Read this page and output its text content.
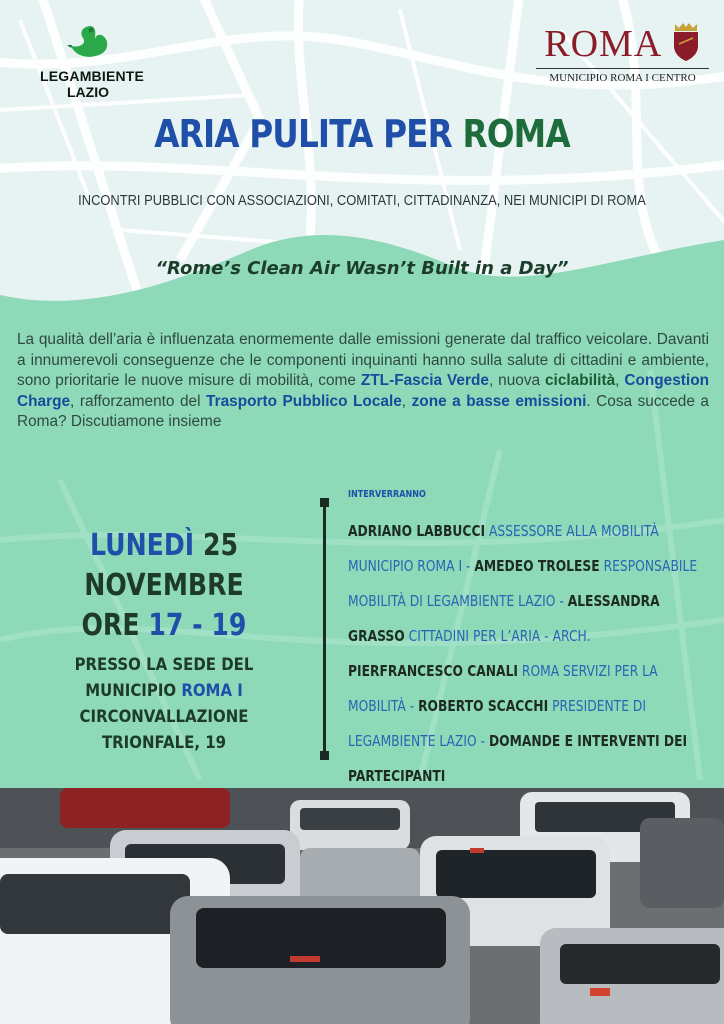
LEGAMBIENTE
LAZIO
ROMA
MUNICIPIO ROMA I CENTRO
ARIA PULITA PER ROMA
INCONTRI PUBBLICI CON ASSOCIAZIONI, COMITATI, CITTADINANZA, NEI MUNICIPI DI ROMA
“Rome’s Clean Air Wasn’t Built in a Day”
La qualità dell’aria è influenzata enormemente dalle emissioni generate dal traffico veicolare. Davanti a innumerevoli conseguenze che le componenti inquinanti hanno sulla salute di cittadini e ambiente, sono prioritarie le nuove misure di mobilità, come ZTL-Fascia Verde, nuova ciclabilità, Congestion Charge, rafforzamento del Trasporto Pubblico Locale, zone a basse emissioni. Cosa succede a Roma? Discutiamone insieme
LUNEDÌ 25 NOVEMBRE
ORE 17 - 19
PRESSO LA SEDE DEL
MUNICIPIO ROMA I
CIRCONVALLAZIONE TRIONFALE, 19
INTERVERRANNO
ADRIANO LABBUCCI ASSESSORE ALLA MOBILITÀ MUNICIPIO ROMA I - AMEDEO TROLESE RESPONSABILE MOBILITÀ DI LEGAMBIENTE LAZIO - ALESSANDRA GRASSO CITTADINI PER L’ARIA - ARCH. PIERFRANCESCO CANALI ROMA SERVIZI PER LA MOBILITÀ - ROBERTO SCACCHI PRESIDENTE DI LEGAMBIENTE LAZIO - DOMANDE E INTERVENTI DEI PARTECIPANTI
